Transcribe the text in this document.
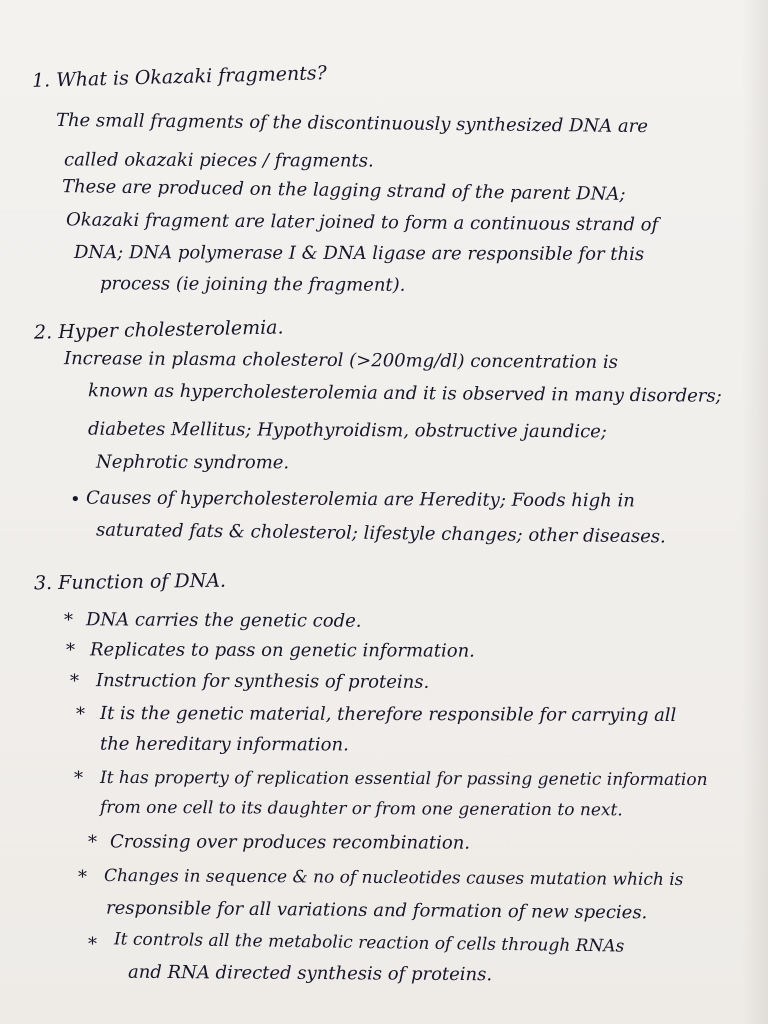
1. What is Okazaki fragments?
The small fragments of the discontinuously synthesized DNA are
called okazaki pieces / fragments.
These are produced on the lagging strand of the parent DNA;
Okazaki fragment are later joined to form a continuous strand of
DNA; DNA polymerase I & DNA ligase are responsible for this
process (ie joining the fragment).
2. Hyper cholesterolemia.
Increase in plasma cholesterol (>200mg/dl) concentration is
known as hypercholesterolemia and it is observed in many disorders;
diabetes Mellitus; Hypothyroidism, obstructive jaundice;
Nephrotic syndrome.
• Causes of hypercholesterolemia are Heredity; Foods high in
saturated fats & cholesterol; lifestyle changes; other diseases.
3. Function of DNA.
* DNA carries the genetic code.
* Replicates to pass on genetic information.
* Instruction for synthesis of proteins.
* It is the genetic material, therefore responsible for carrying all
the hereditary information.
* It has property of replication essential for passing genetic information
from one cell to its daughter or from one generation to next.
* Crossing over produces recombination.
* Changes in sequence & no of nucleotides causes mutation which is
responsible for all variations and formation of new species.
* It controls all the metabolic reaction of cells through RNAs
and RNA directed synthesis of proteins.
